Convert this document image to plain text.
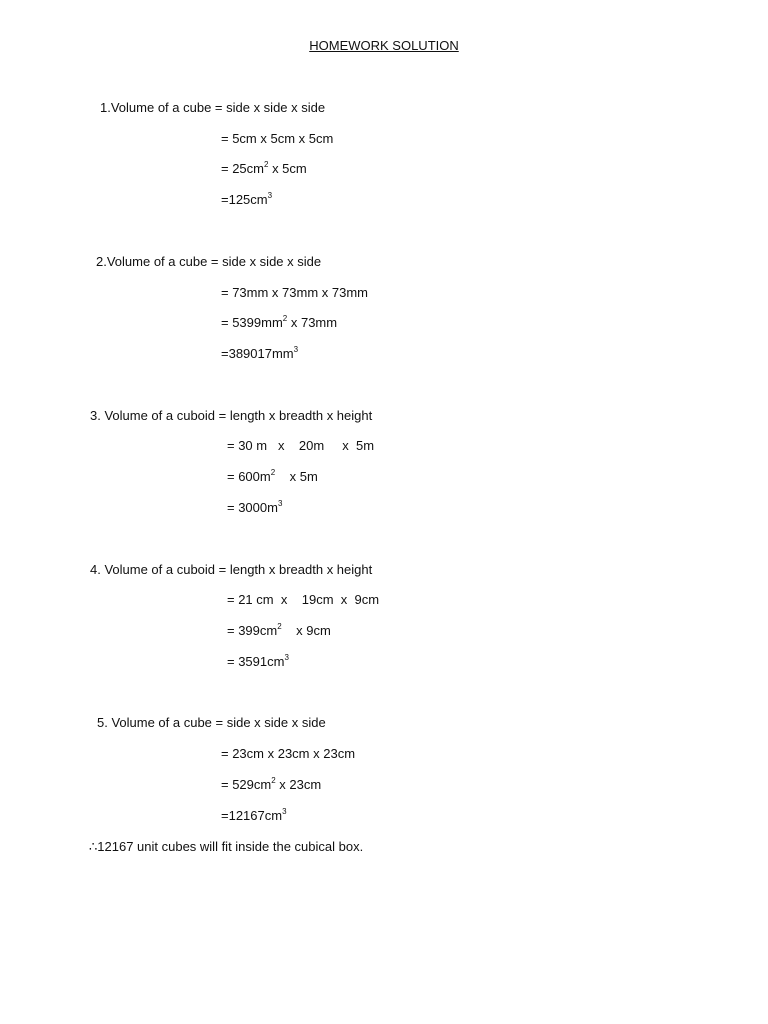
HOMEWORK SOLUTION
1.Volume of a cube = side x side x side
= 5cm x 5cm x 5cm
= $25cm^2$ x 5cm
$=125cm^3$
2.Volume of a cube = side x side x side
= 73mm x 73mm x 73mm
= $5399mm^2$ x 73mm
$=389017mm^3$
3. Volume of a cuboid = length x breadth x height
= 30 m   x    20m     x  5m
= $600m^2$    x 5m
= $3000m^3$
4. Volume of a cuboid = length x breadth x height
= 21 cm  x    19cm  x  9cm
= $399cm^2$    x 9cm
= $3591cm^3$
5. Volume of a cube = side x side x side
= 23cm x 23cm x 23cm
= $529cm^2$ x 23cm
$=12167cm^3$
∴12167 unit cubes will fit inside the cubical box.
